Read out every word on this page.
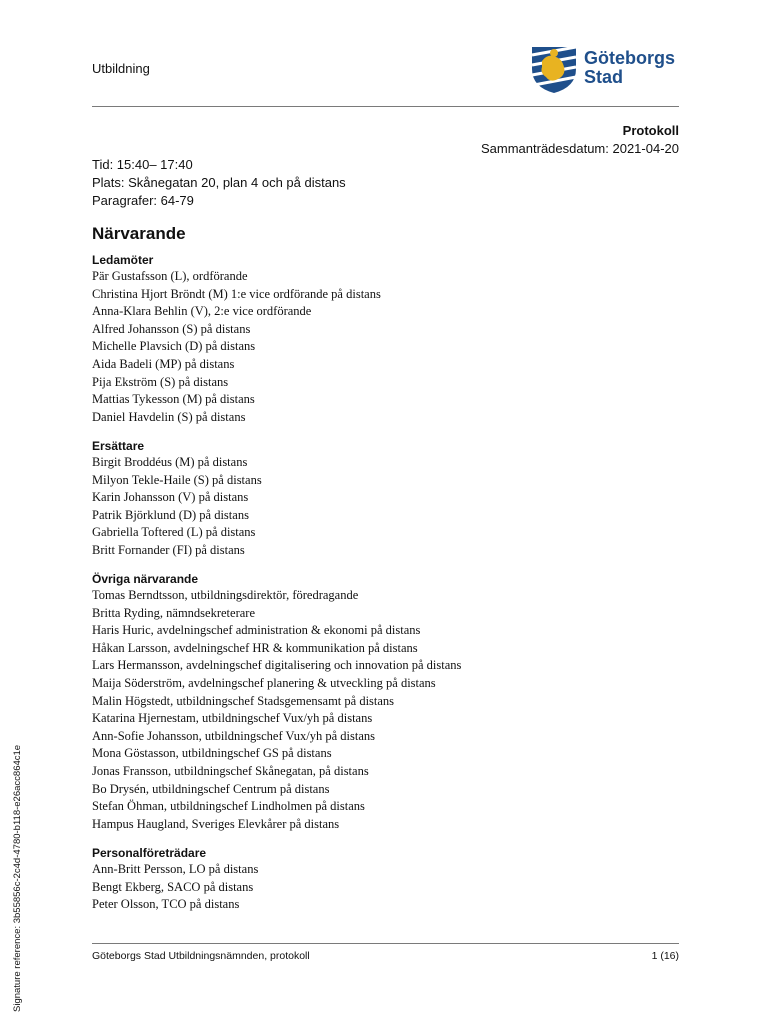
Utbildning
Göteborgs
Stad
Protokoll
Sammanträdesdatum: 2021-04-20
Tid: 15:40– 17:40
Plats: Skånegatan 20, plan 4 och på distans
Paragrafer: 64-79
Närvarande
Ledamöter
Pär Gustafsson (L), ordförande
Christina Hjort Bröndt (M) 1:e vice ordförande på distans
Anna-Klara Behlin (V), 2:e vice ordförande
Alfred Johansson (S) på distans
Michelle Plavsich (D) på distans
Aida Badeli (MP) på distans
Pija Ekström (S) på distans
Mattias Tykesson (M) på distans
Daniel Havdelin (S) på distans
Ersättare
Birgit Broddéus (M) på distans
Milyon Tekle-Haile (S) på distans
Karin Johansson (V) på distans
Patrik Björklund (D) på distans
Gabriella Toftered (L) på distans
Britt Fornander (FI) på distans
Övriga närvarande
Tomas Berndtsson, utbildningsdirektör, föredragande
Britta Ryding, nämndsekreterare
Haris Huric, avdelningschef administration & ekonomi på distans
Håkan Larsson, avdelningschef HR & kommunikation på distans
Lars Hermansson, avdelningschef digitalisering och innovation på distans
Maija Söderström, avdelningschef planering & utveckling på distans
Malin Högstedt, utbildningschef Stadsgemensamt på distans
Katarina Hjernestam, utbildningschef Vux/yh på distans
Ann-Sofie Johansson, utbildningschef Vux/yh på distans
Mona Göstasson, utbildningschef GS på distans
Jonas Fransson, utbildningschef Skånegatan, på distans
Bo Drysén, utbildningschef Centrum på distans
Stefan Öhman, utbildningschef Lindholmen på distans
Hampus Haugland, Sveriges Elevkårer på distans
Personalföreträdare
Ann-Britt Persson, LO på distans
Bengt Ekberg, SACO på distans
Peter Olsson, TCO på distans
Göteborgs Stad Utbildningsnämnden, protokoll	1 (16)
Signature reference: 3b55856c-2c4d-4780-b118-e26acc864c1e
